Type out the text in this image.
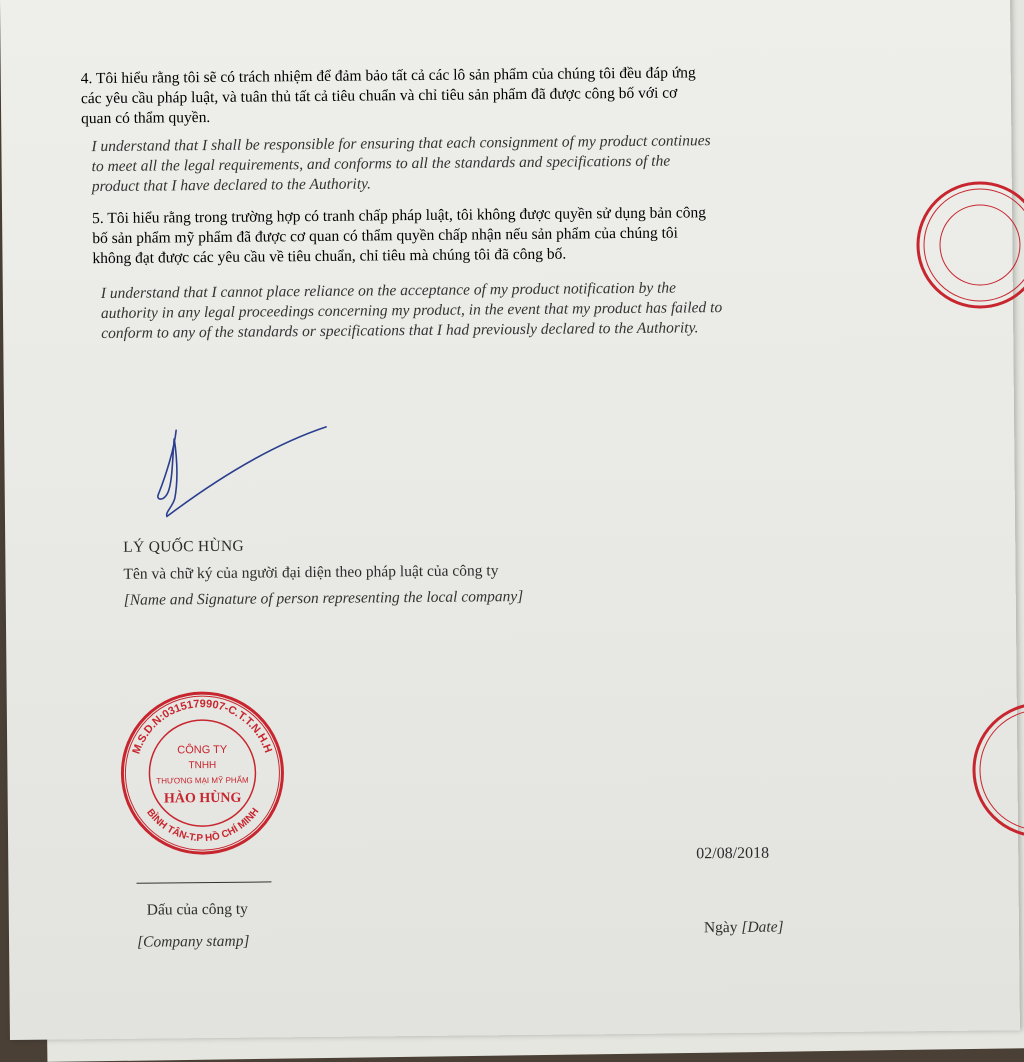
4. Tôi hiểu rằng tôi sẽ có trách nhiệm để đảm bảo tất cả các lô sản phẩm của chúng tôi đều đáp ứng
các yêu cầu pháp luật, và tuân thủ tất cả tiêu chuẩn và chỉ tiêu sản phẩm đã được công bố với cơ
quan có thẩm quyền.
I understand that I shall be responsible for ensuring that each consignment of my product continues
to meet all the legal requirements, and conforms to all the standards and specifications of the
product that I have declared to the Authority.
5. Tôi hiểu rằng trong trường hợp có tranh chấp pháp luật, tôi không được quyền sử dụng bản công
bố sản phẩm mỹ phẩm đã được cơ quan có thẩm quyền chấp nhận nếu sản phẩm của chúng tôi
không đạt được các yêu cầu về tiêu chuẩn, chỉ tiêu mà chúng tôi đã công bố.
I understand that I cannot place reliance on the acceptance of my product notification by the
authority in any legal proceedings concerning my product, in the event that my product has failed to
conform to any of the standards or specifications that I had previously declared to the Authority.
LÝ QUỐC HÙNG
Tên và chữ ký của người đại diện theo pháp luật của công ty
[Name and Signature of person representing the local company]
M.S.D.N:0315179907-C.T.T.N.H.H
BÌNH TÂN-T.P HỒ CHÍ MINH
CÔNG TY
TNHH
THƯƠNG MẠI MỸ PHẨM
HÀO HÙNG
Dấu của công ty
[Company stamp]
02/08/2018
Ngày [Date]
